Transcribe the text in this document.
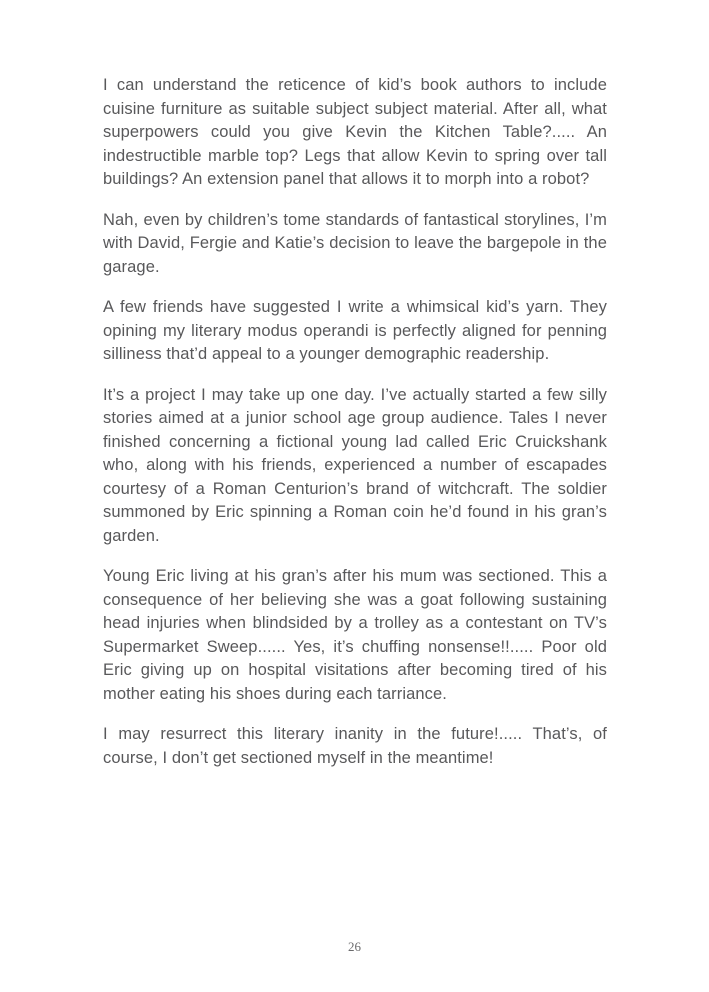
I can understand the reticence of kid’s book authors to include cuisine furniture as suitable subject subject material. After all, what superpowers could you give Kevin the Kitchen Table?..... An indestructible marble top? Legs that allow Kevin to spring over tall buildings? An extension panel that allows it to morph into a robot?

Nah, even by children’s tome standards of fantastical storylines, I’m with David, Fergie and Katie’s decision to leave the bargepole in the garage.

A few friends have suggested I write a whimsical kid’s yarn. They opining my literary modus operandi is perfectly aligned for penning silliness that’d appeal to a younger demographic readership.

It’s a project I may take up one day. I’ve actually started a few silly stories aimed at a junior school age group audience. Tales I never finished concerning a fictional young lad called Eric Cruickshank who, along with his friends, experienced a number of escapades courtesy of a Roman Centurion’s brand of witchcraft. The soldier summoned by Eric spinning a Roman coin he’d found in his gran’s garden.

Young Eric living at his gran’s after his mum was sectioned. This a consequence of her believing she was a goat following sustaining head injuries when blindsided by a trolley as a contestant on TV’s Supermarket Sweep...... Yes, it’s chuffing nonsense!!..... Poor old Eric giving up on hospital visitations after becoming tired of his mother eating his shoes during each tarriance.

I may resurrect this literary inanity in the future!..... That’s, of course, I don’t get sectioned myself in the meantime!

26
